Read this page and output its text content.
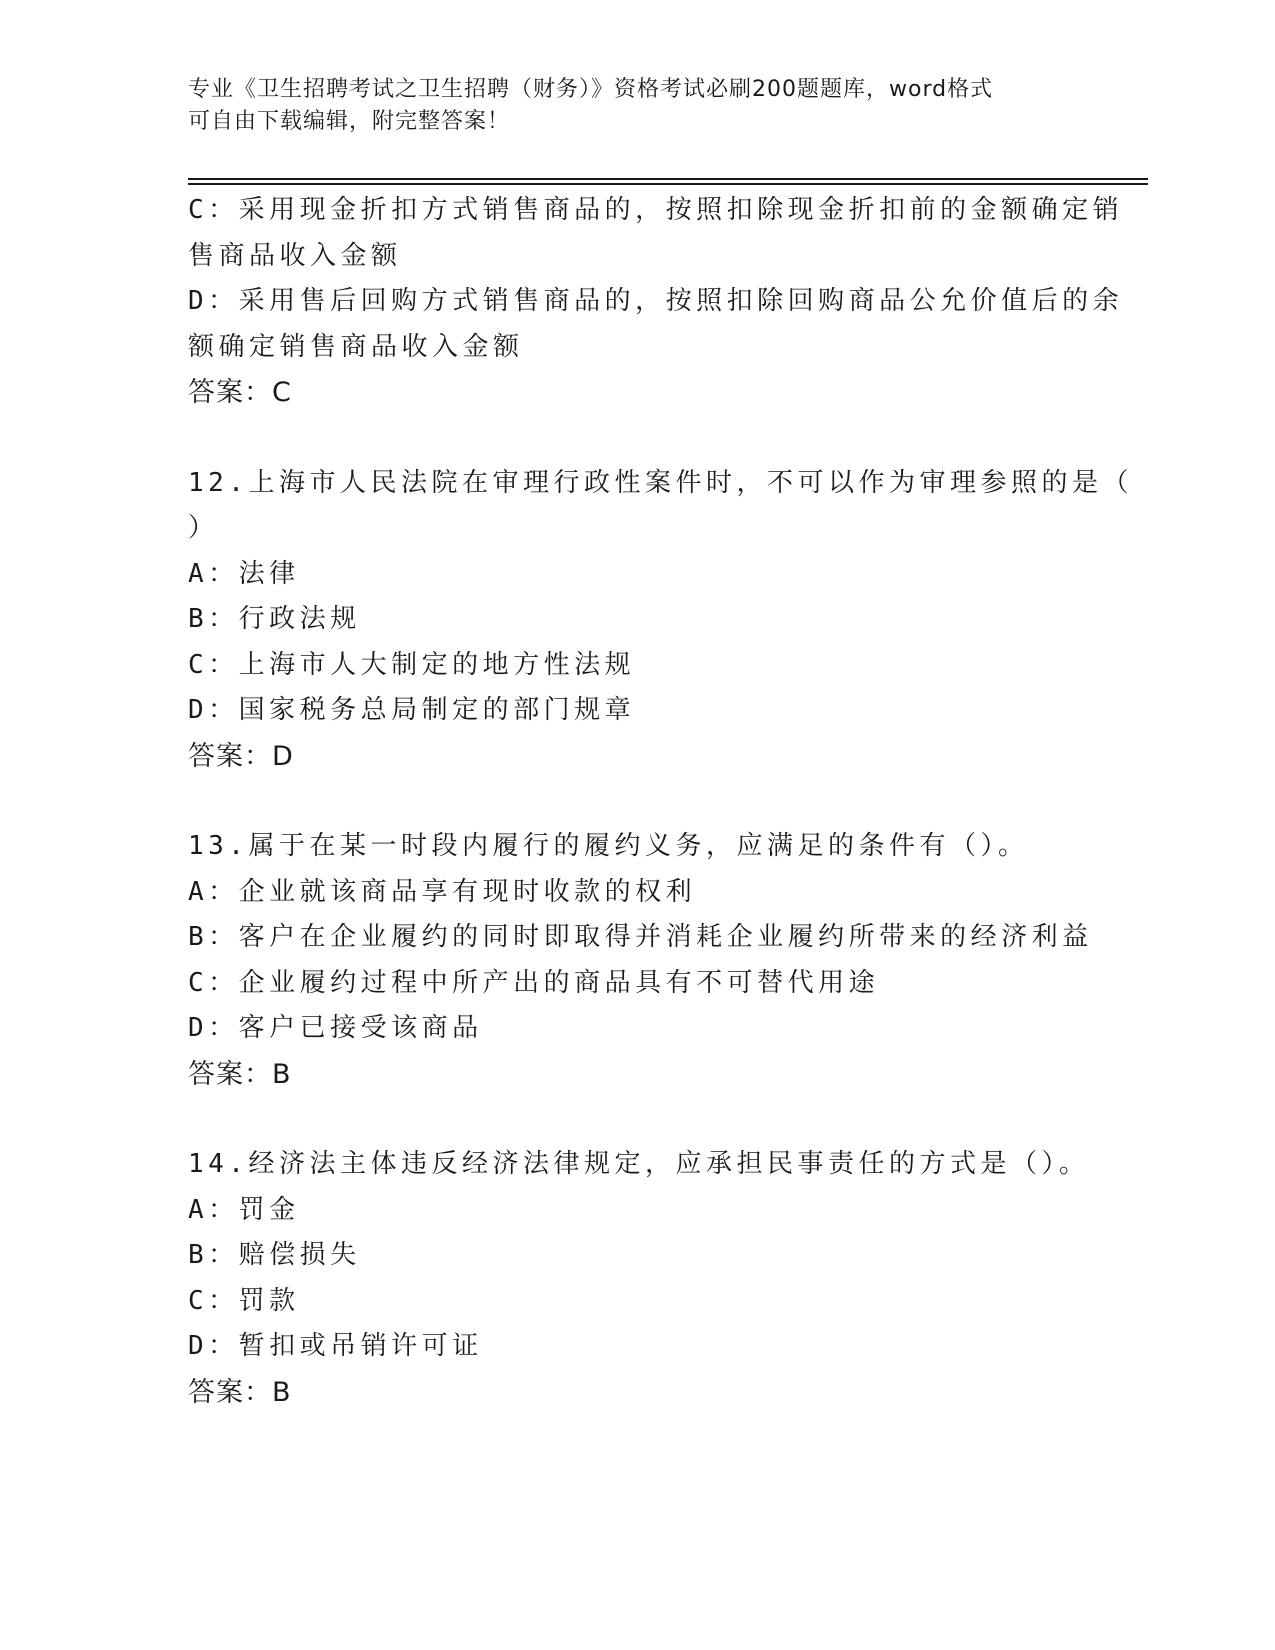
专业《卫生招聘考试之卫生招聘（财务）》资格考试必刷200题题库，word格式
可自由下载编辑，附完整答案！
C：采用现金折扣方式销售商品的，按照扣除现金折扣前的金额确定销
售商品收入金额
D：采用售后回购方式销售商品的，按照扣除回购商品公允价值后的余
额确定销售商品收入金额
答案：C
12.上海市人民法院在审理行政性案件时，不可以作为审理参照的是（
）
A：法律
B：行政法规
C：上海市人大制定的地方性法规
D：国家税务总局制定的部门规章
答案：D
13.属于在某一时段内履行的履约义务，应满足的条件有（）。
A：企业就该商品享有现时收款的权利
B：客户在企业履约的同时即取得并消耗企业履约所带来的经济利益
C：企业履约过程中所产出的商品具有不可替代用途
D：客户已接受该商品
答案：B
14.经济法主体违反经济法律规定，应承担民事责任的方式是（）。
A：罚金
B：赔偿损失
C：罚款
D：暂扣或吊销许可证
答案：B
